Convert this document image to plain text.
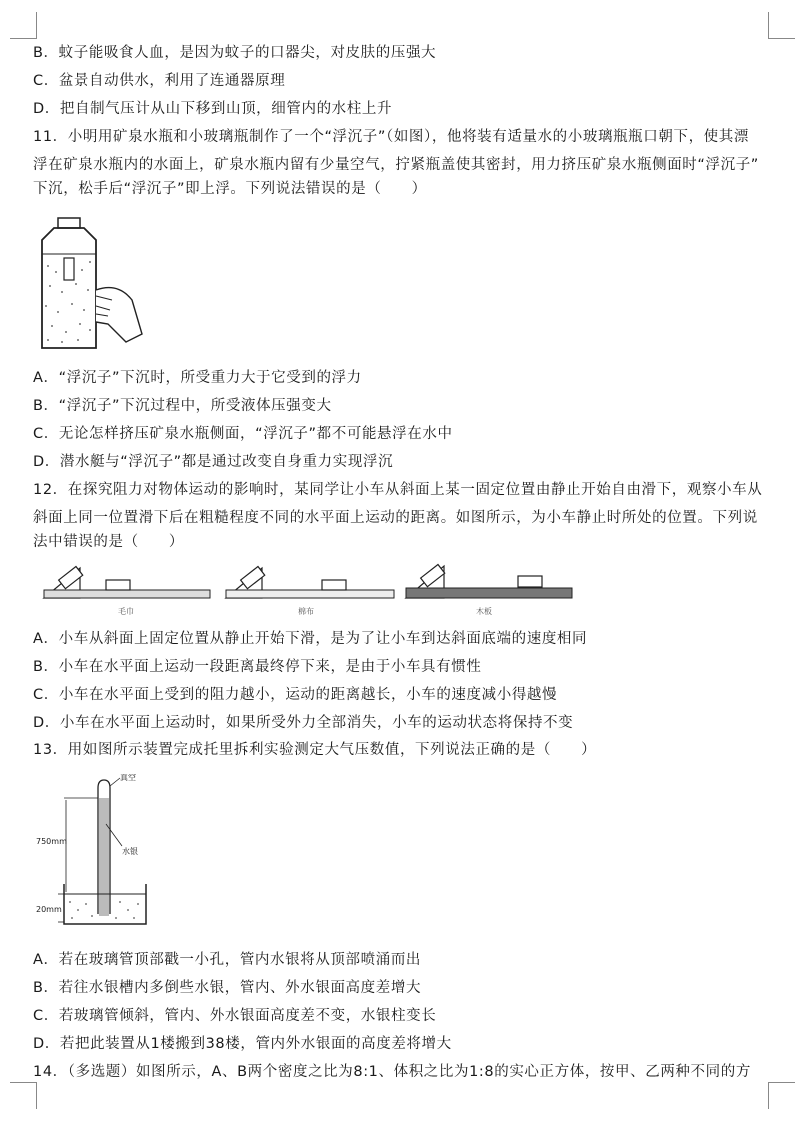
B．蚊子能吸食人血，是因为蚊子的口器尖，对皮肤的压强大
C．盆景自动供水，利用了连通器原理
D．把自制气压计从山下移到山顶，细管内的水柱上升
11．小明用矿泉水瓶和小玻璃瓶制作了一个“浮沉子”（如图），他将装有适量水的小玻璃瓶瓶口朝下，使其漂
浮在矿泉水瓶内的水面上，矿泉水瓶内留有少量空气，拧紧瓶盖使其密封，用力挤压矿泉水瓶侧面时“浮沉子”
下沉，松手后“浮沉子”即上浮。下列说法错误的是（　　）
A．“浮沉子”下沉时，所受重力大于它受到的浮力
B．“浮沉子”下沉过程中，所受液体压强变大
C．无论怎样挤压矿泉水瓶侧面，“浮沉子”都不可能悬浮在水中
D．潜水艇与“浮沉子”都是通过改变自身重力实现浮沉
12．在探究阻力对物体运动的影响时，某同学让小车从斜面上某一固定位置由静止开始自由滑下，观察小车从
斜面上同一位置滑下后在粗糙程度不同的水平面上运动的距离。如图所示，为小车静止时所处的位置。下列说
法中错误的是（　　）
毛巾	棉布	木板
A．小车从斜面上固定位置从静止开始下滑，是为了让小车到达斜面底端的速度相同
B．小车在水平面上运动一段距离最终停下来，是由于小车具有惯性
C．小车在水平面上受到的阻力越小，运动的距离越长，小车的速度减小得越慢
D．小车在水平面上运动时，如果所受外力全部消失，小车的运动状态将保持不变
13．用如图所示装置完成托里拆利实验测定大气压数值，下列说法正确的是（　　）
真空
水银
750mm
20mm
A．若在玻璃管顶部戳一小孔，管内水银将从顶部喷涌而出
B．若往水银槽内多倒些水银，管内、外水银面高度差增大
C．若玻璃管倾斜，管内、外水银面高度差不变，水银柱变长
D．若把此装置从1楼搬到38楼，管内外水银面的高度差将增大
14．（多选题）如图所示，A、B两个密度之比为8:1、体积之比为1:8的实心正方体，按甲、乙两种不同的方
